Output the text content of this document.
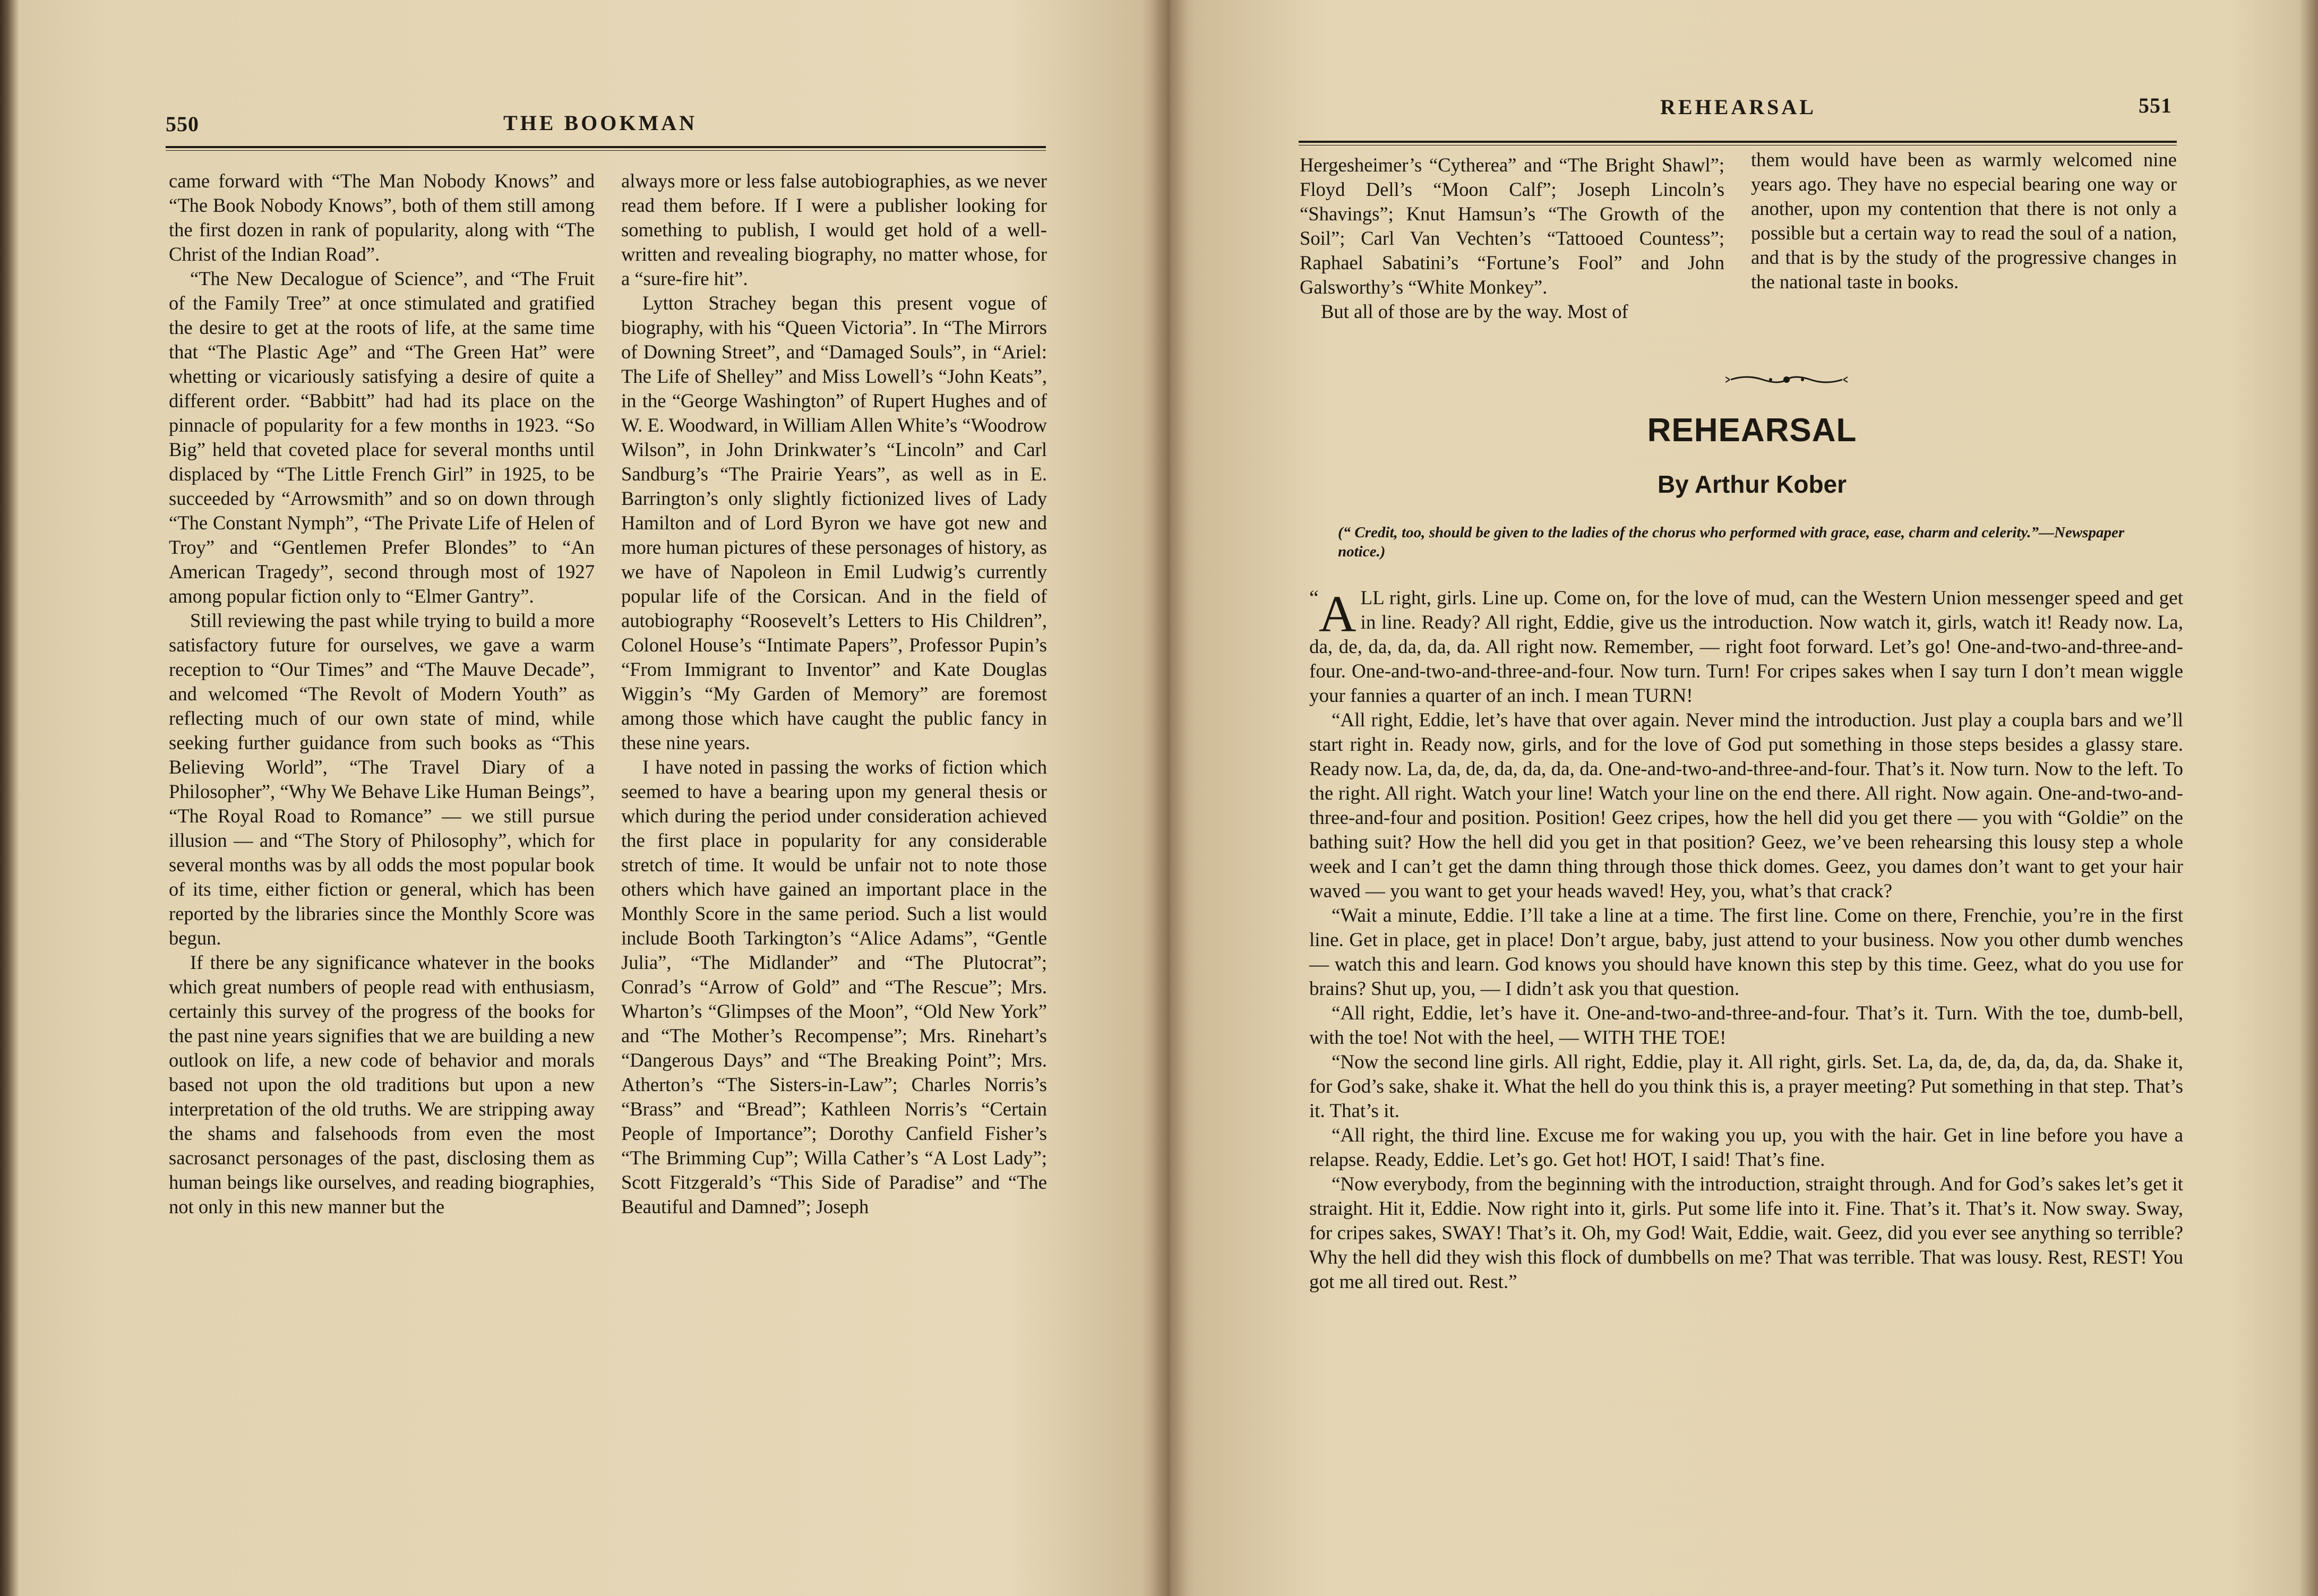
550	THE BOOKMAN

came forward with “The Man Nobody Knows” and “The Book Nobody Knows”, both of them still among the first dozen in rank of popularity, along with “The Christ of the Indian Road”.

“The New Decalogue of Science”, and “The Fruit of the Family Tree” at once stimulated and gratified the desire to get at the roots of life, at the same time that “The Plastic Age” and “The Green Hat” were whetting or vicariously satisfying a desire of quite a different order. “Babbitt” had had its place on the pinnacle of popularity for a few months in 1923. “So Big” held that coveted place for several months until displaced by “The Little French Girl” in 1925, to be succeeded by “Arrowsmith” and so on down through “The Constant Nymph”, “The Private Life of Helen of Troy” and “Gentlemen Prefer Blondes” to “An American Tragedy”, second through most of 1927 among popular fiction only to “Elmer Gantry”.

Still reviewing the past while trying to build a more satisfactory future for ourselves, we gave a warm reception to “Our Times” and “The Mauve Decade”, and welcomed “The Revolt of Modern Youth” as reflecting much of our own state of mind, while seeking further guidance from such books as “This Believing World”, “The Travel Diary of a Philosopher”, “Why We Behave Like Human Beings”, “The Royal Road to Romance” — we still pursue illusion — and “The Story of Philosophy”, which for several months was by all odds the most popular book of its time, either fiction or general, which has been reported by the libraries since the Monthly Score was begun.

If there be any significance whatever in the books which great numbers of people read with enthusiasm, certainly this survey of the progress of the books for the past nine years signifies that we are building a new outlook on life, a new code of behavior and morals based not upon the old traditions but upon a new interpretation of the old truths. We are stripping away the shams and falsehoods from even the most sacrosanct personages of the past, disclosing them as human beings like ourselves, and reading biographies, not only in this new manner but the

always more or less false autobiographies, as we never read them before. If I were a publisher looking for something to publish, I would get hold of a well-written and revealing biography, no matter whose, for a “sure-fire hit”.

Lytton Strachey began this present vogue of biography, with his “Queen Victoria”. In “The Mirrors of Downing Street”, and “Damaged Souls”, in “Ariel: The Life of Shelley” and Miss Lowell’s “John Keats”, in the “George Washington” of Rupert Hughes and of W. E. Woodward, in William Allen White’s “Woodrow Wilson”, in John Drinkwater’s “Lincoln” and Carl Sandburg’s “The Prairie Years”, as well as in E. Barrington’s only slightly fictionized lives of Lady Hamilton and of Lord Byron we have got new and more human pictures of these personages of history, as we have of Napoleon in Emil Ludwig’s currently popular life of the Corsican. And in the field of autobiography “Roosevelt’s Letters to His Children”, Colonel House’s “Intimate Papers”, Professor Pupin’s “From Immigrant to Inventor” and Kate Douglas Wiggin’s “My Garden of Memory” are foremost among those which have caught the public fancy in these nine years.

I have noted in passing the works of fiction which seemed to have a bearing upon my general thesis or which during the period under consideration achieved the first place in popularity for any considerable stretch of time. It would be unfair not to note those others which have gained an important place in the Monthly Score in the same period. Such a list would include Booth Tarkington’s “Alice Adams”, “Gentle Julia”, “The Midlander” and “The Plutocrat”; Conrad’s “Arrow of Gold” and “The Rescue”; Mrs. Wharton’s “Glimpses of the Moon”, “Old New York” and “The Mother’s Recompense”; Mrs. Rinehart’s “Dangerous Days” and “The Breaking Point”; Mrs. Atherton’s “The Sisters-in-Law”; Charles Norris’s “Brass” and “Bread”; Kathleen Norris’s “Certain People of Importance”; Dorothy Canfield Fisher’s “The Brimming Cup”; Willa Cather’s “A Lost Lady”; Scott Fitzgerald’s “This Side of Paradise” and “The Beautiful and Damned”; Joseph

REHEARSAL	551

Hergesheimer’s “Cytherea” and “The Bright Shawl”; Floyd Dell’s “Moon Calf”; Joseph Lincoln’s “Shavings”; Knut Hamsun’s “The Growth of the Soil”; Carl Van Vechten’s “Tattooed Countess”; Raphael Sabatini’s “Fortune’s Fool” and John Galsworthy’s “White Monkey”.

But all of those are by the way. Most of

them would have been as warmly welcomed nine years ago. They have no especial bearing one way or another, upon my contention that there is not only a possible but a certain way to read the soul of a nation, and that is by the study of the progressive changes in the national taste in books.

REHEARSAL
By Arthur Kober
(“ Credit, too, should be given to the ladies of the chorus who performed with grace, ease, charm and celerity.”—Newspaper notice.)

“ A LL right, girls. Line up. Come on, for the love of mud, can the Western Union messenger speed and get in line. Ready? All right, Eddie, give us the introduction. Now watch it, girls, watch it! Ready now. La, da, de, da, da, da, da. All right now. Remember, — right foot forward. Let’s go! One-and-two-and-three-and-four. One-and-two-and-three-and-four. Now turn. Turn! For cripes sakes when I say turn I don’t mean wiggle your fannies a quarter of an inch. I mean TURN!

“All right, Eddie, let’s have that over again. Never mind the introduction. Just play a coupla bars and we’ll start right in. Ready now, girls, and for the love of God put something in those steps besides a glassy stare. Ready now. La, da, de, da, da, da, da. One-and-two-and-three-and-four. That’s it. Now turn. Now to the left. To the right. All right. Watch your line! Watch your line on the end there. All right. Now again. One-and-two-and-three-and-four and position. Position! Geez cripes, how the hell did you get there — you with “Goldie” on the bathing suit? How the hell did you get in that position? Geez, we’ve been rehearsing this lousy step a whole week and I can’t get the damn thing through those thick domes. Geez, you dames don’t want to get your hair waved — you want to get your heads waved! Hey, you, what’s that crack?

“Wait a minute, Eddie. I’ll take a line at a time. The first line. Come on there, Frenchie, you’re in the first line. Get in place, get in place! Don’t argue, baby, just attend to your business. Now you other dumb wenches — watch this and learn. God knows you should have known this step by this time. Geez, what do you use for brains? Shut up, you, — I didn’t ask you that question.

“All right, Eddie, let’s have it. One-and-two-and-three-and-four. That’s it. Turn. With the toe, dumb-bell, with the toe! Not with the heel, — WITH THE TOE!

“Now the second line girls. All right, Eddie, play it. All right, girls. Set. La, da, de, da, da, da, da. Shake it, for God’s sake, shake it. What the hell do you think this is, a prayer meeting? Put something in that step. That’s it. That’s it.

“All right, the third line. Excuse me for waking you up, you with the hair. Get in line before you have a relapse. Ready, Eddie. Let’s go. Get hot! HOT, I said! That’s fine.

“Now everybody, from the beginning with the introduction, straight through. And for God’s sakes let’s get it straight. Hit it, Eddie. Now right into it, girls. Put some life into it. Fine. That’s it. That’s it. Now sway. Sway, for cripes sakes, SWAY! That’s it. Oh, my God! Wait, Eddie, wait. Geez, did you ever see anything so terrible? Why the hell did they wish this flock of dumbbells on me? That was terrible. That was lousy. Rest, REST! You got me all tired out. Rest.”
